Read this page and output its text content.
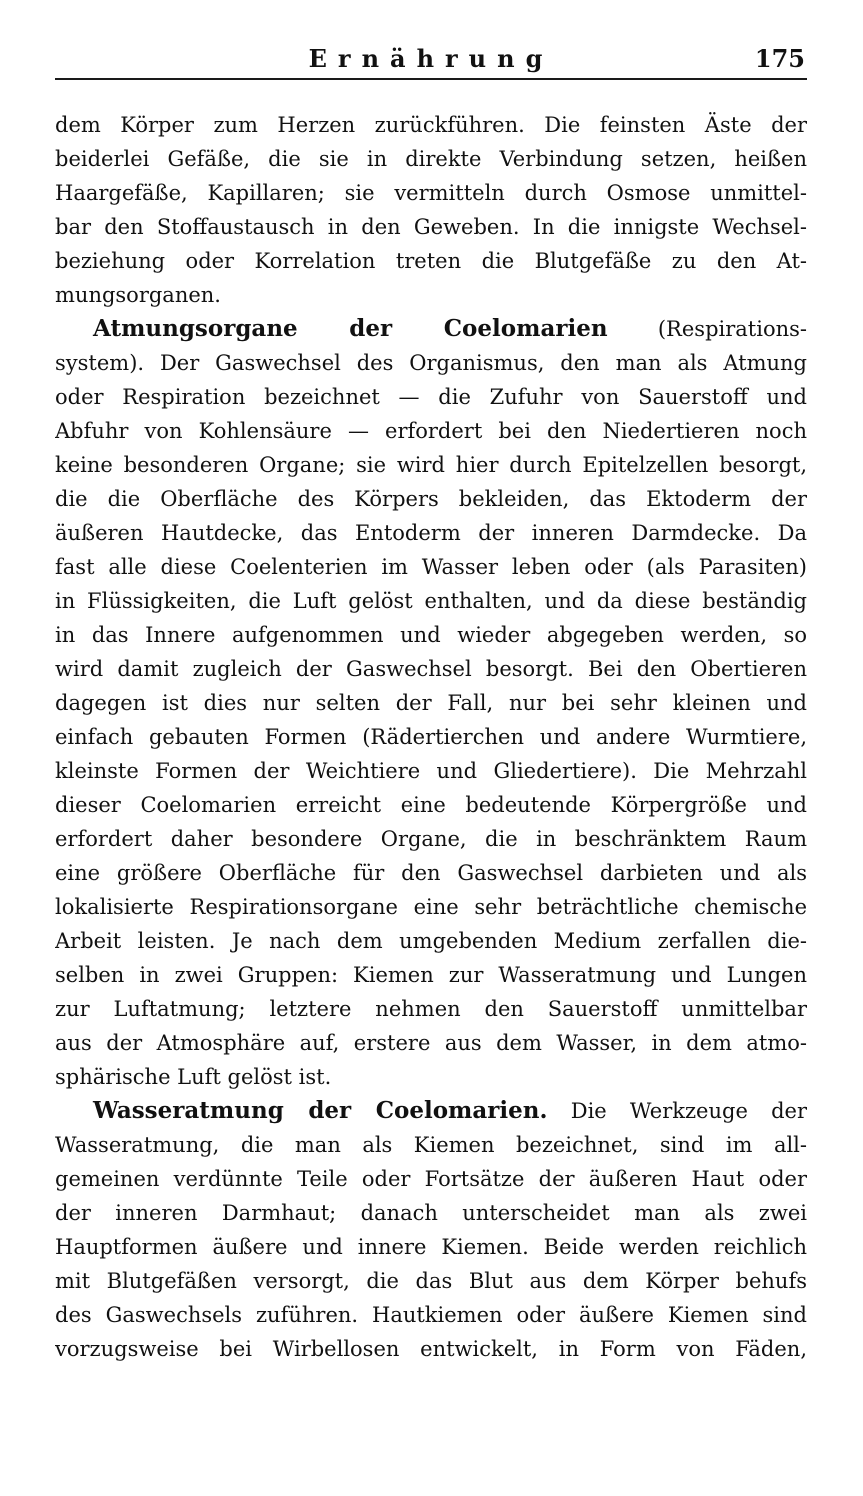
Ernährung	175
dem Körper zum Herzen zurückführen. Die feinsten Äste der
beiderlei Gefäße, die sie in direkte Verbindung setzen, heißen
Haargefäße, Kapillaren; sie vermitteln durch Osmose unmittel-
bar den Stoffaustausch in den Geweben. In die innigste Wechsel-
beziehung oder Korrelation treten die Blutgefäße zu den At-
mungsorganen.
Atmungsorgane der Coelomarien (Respirations-
system). Der Gaswechsel des Organismus, den man als Atmung
oder Respiration bezeichnet — die Zufuhr von Sauerstoff und
Abfuhr von Kohlensäure — erfordert bei den Niedertieren noch
keine besonderen Organe; sie wird hier durch Epitelzellen besorgt,
die die Oberfläche des Körpers bekleiden, das Ektoderm der
äußeren Hautdecke, das Entoderm der inneren Darmdecke. Da
fast alle diese Coelenterien im Wasser leben oder (als Parasiten)
in Flüssigkeiten, die Luft gelöst enthalten, und da diese beständig
in das Innere aufgenommen und wieder abgegeben werden, so
wird damit zugleich der Gaswechsel besorgt. Bei den Obertieren
dagegen ist dies nur selten der Fall, nur bei sehr kleinen und
einfach gebauten Formen (Rädertierchen und andere Wurmtiere,
kleinste Formen der Weichtiere und Gliedertiere). Die Mehrzahl
dieser Coelomarien erreicht eine bedeutende Körpergröße und
erfordert daher besondere Organe, die in beschränktem Raum
eine größere Oberfläche für den Gaswechsel darbieten und als
lokalisierte Respirationsorgane eine sehr beträchtliche chemische
Arbeit leisten. Je nach dem umgebenden Medium zerfallen die-
selben in zwei Gruppen: Kiemen zur Wasseratmung und Lungen
zur Luftatmung; letztere nehmen den Sauerstoff unmittelbar
aus der Atmosphäre auf, erstere aus dem Wasser, in dem atmo-
sphärische Luft gelöst ist.
Wasseratmung der Coelomarien. Die Werkzeuge der
Wasseratmung, die man als Kiemen bezeichnet, sind im all-
gemeinen verdünnte Teile oder Fortsätze der äußeren Haut oder
der inneren Darmhaut; danach unterscheidet man als zwei
Hauptformen äußere und innere Kiemen. Beide werden reichlich
mit Blutgefäßen versorgt, die das Blut aus dem Körper behufs
des Gaswechsels zuführen. Hautkiemen oder äußere Kiemen sind
vorzugsweise bei Wirbellosen entwickelt, in Form von Fäden,
